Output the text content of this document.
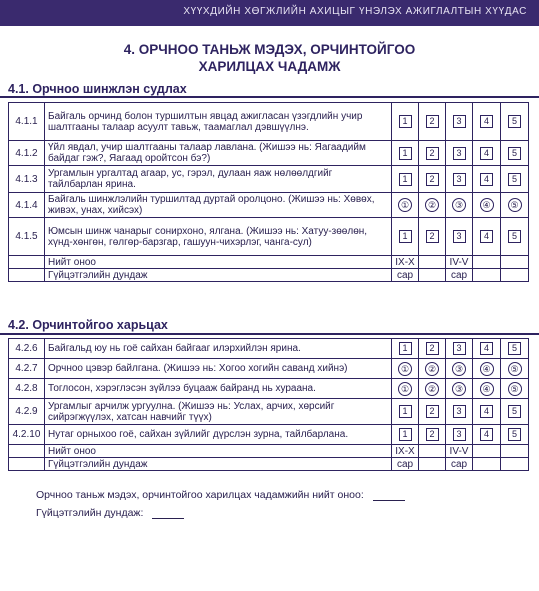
ХҮҮХДИЙН ХӨГЖЛИЙН АХИЦЫГ ҮНЭЛЭХ АЖИГЛАЛТЫН ХҮҮДАС
4. ОРЧНОО ТАНЬЖ МЭДЭХ, ОРЧИНТОЙГОО
ХАРИЛЦАХ ЧАДАМЖ
4.1. Орчноо шинжлэн судлах
4.1.1	Байгаль орчинд болон туршилтын явцад ажигласан үзэгдлийн учир шалтгааны талаар асуулт тавьж, таамаглал дэвшүүлнэ.	1	2	3	4	5
4.1.2	Үйл явдал, учир шалтгааны талаар лавлана. (Жишээ нь: Яагаадийм байдаг гэж?, Яагаад оройтсон бэ?)	1	2	3	4	5
4.1.3	Ургамлын ургалтад агаар, ус, гэрэл, дулаан яаж нөлөөлдгийг тайлбарлан ярина.	1	2	3	4	5
4.1.4	Байгаль шинжлэлийн туршилтад дуртай оролцоно. (Жишээ нь: Хөвөх, живэх, унах, хийсэх)	①	②	③	④	⑤
4.1.5	Юмсын шинж чанарыг сонирхоно, ялгана. (Жишээ нь: Хатуу-зөөлөн, хүнд-хөнгөн, гөлгөр-барзгар, гашуун-чихэрлэг, чанга-сул)	1	2	3	4	5
	Нийт оноо	IX-X		IV-V		
	Гүйцэтгэлийн дундаж	сар		сар		
4.2. Орчинтойгоо харьцах
4.2.6	Байгальд юу нь гоё сайхан байгааг илэрхийлэн ярина.	1	2	3	4	5
4.2.7	Орчноо цэвэр байлгана. (Жишээ нь: Хогоо хогийн саванд хийнэ)	①	②	③	④	⑤
4.2.8	Тоглосон, хэрэглэсэн зүйлээ буцааж байранд нь хураана.	①	②	③	④	⑤
4.2.9	Ургамлыг арчилж ургуулна. (Жишээ нь: Услах, арчих, хөрсийг сийрэгжүүлэх, хатсан навчийг түүх)	1	2	3	4	5
4.2.10	Нутаг орныхоо гоё, сайхан зүйлийг дүрслэн зурна, тайлбарлана.	1	2	3	4	5
	Нийт оноо	IX-X		IV-V		
	Гүйцэтгэлийн дундаж	сар		сар		
Орчноо таньж мэдэх, орчинтойгоо харилцах чадамжийн нийт оноо:
Гүйцэтгэлийн дундаж:
